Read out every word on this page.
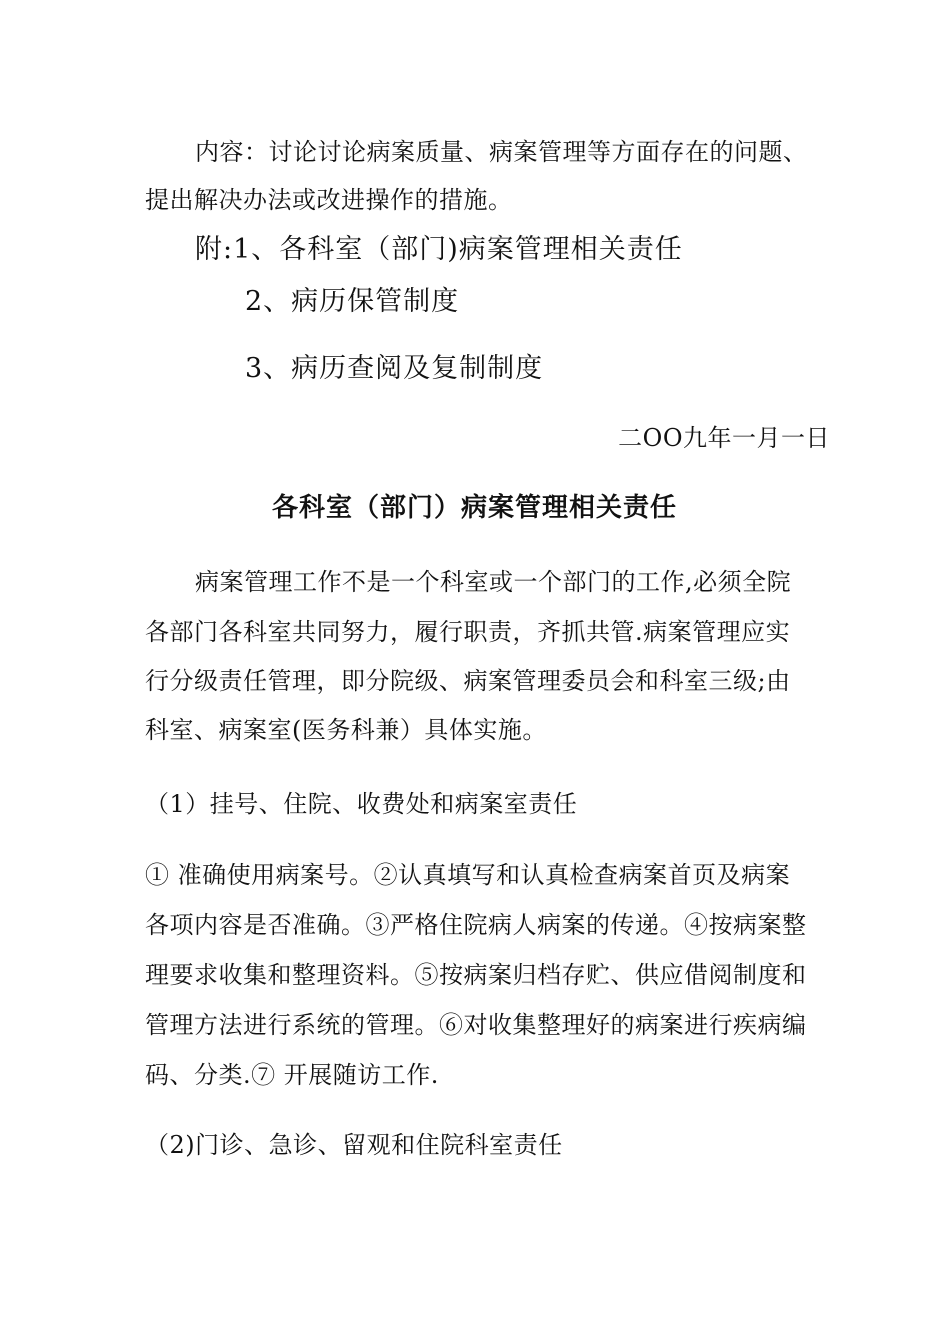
内容：讨论讨论病案质量、病案管理等方面存在的问题、

提出解决办法或改进操作的措施。

附:1、各科室（部门)病案管理相关责任

2、病历保管制度

3、病历查阅及复制制度

二OO九年一月一日

各科室（部门）病案管理相关责任

病案管理工作不是一个科室或一个部门的工作,必须全院

各部门各科室共同努力，履行职责，齐抓共管.病案管理应实

行分级责任管理，即分院级、病案管理委员会和科室三级;由

科室、病案室(医务科兼）具体实施。

（1）挂号、住院、收费处和病案室责任

① 准确使用病案号。②认真填写和认真检查病案首页及病案

各项内容是否准确。③严格住院病人病案的传递。④按病案整

理要求收集和整理资料。⑤按病案归档存贮、供应借阅制度和

管理方法进行系统的管理。⑥对收集整理好的病案进行疾病编

码、分类.⑦ 开展随访工作.

（2)门诊、急诊、留观和住院科室责任
